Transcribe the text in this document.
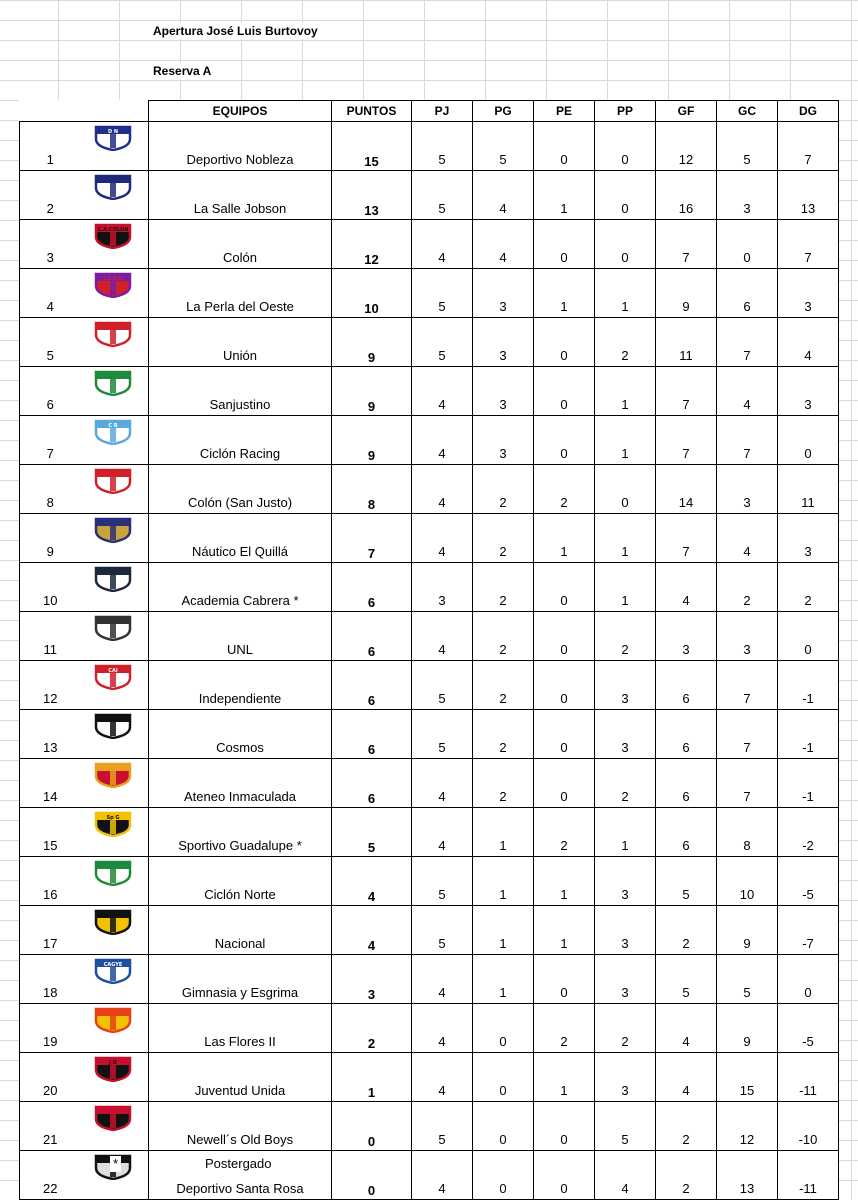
Apertura José Luis Burtovoy
Reserva A
		EQUIPOS	PUNTOS	PJ	PG	PE	PP	GF	GC	DG
1	D N	Deportivo Nobleza	15	5	5	0	0	12	5	7
2		La Salle Jobson	13	5	4	1	0	16	3	13
3	C.A.COLON	Colón	12	4	4	0	0	7	0	7
4	C.L.P.O	La Perla del Oeste	10	5	3	1	1	9	6	3
5		Unión	9	5	3	0	2	11	7	4
6		Sanjustino	9	4	3	0	1	7	4	3
7	C R	Ciclón Racing	9	4	3	0	1	7	7	0
8		Colón (San Justo)	8	4	2	2	0	14	3	11
9		Náutico El Quillá	7	4	2	1	1	7	4	3
10		Academia Cabrera *	6	3	2	0	1	4	2	2
11		UNL	6	4	2	0	2	3	3	0
12	CAI	Independiente	6	5	2	0	3	6	7	-1
13		Cosmos	6	5	2	0	3	6	7	-1
14		Ateneo Inmaculada	6	4	2	0	2	6	7	-1
15	Sp G	Sportivo Guadalupe *	5	4	1	2	1	6	8	-2
16		Ciclón Norte	4	5	1	1	3	5	10	-5
17		Nacional	4	5	1	1	3	2	9	-7
18	CAGYE	Gimnasia y Esgrima	3	4	1	0	3	5	5	0
19		Las Flores II	2	4	0	2	2	4	9	-5
20	J U	Juventud Unida	1	4	0	1	3	4	15	-11
21		Newell´s Old Boys	0	5	0	0	5	2	12	-10
22		Deportivo Santa Rosa	0	4	0	0	4	2	13	-11
*	Postergado
